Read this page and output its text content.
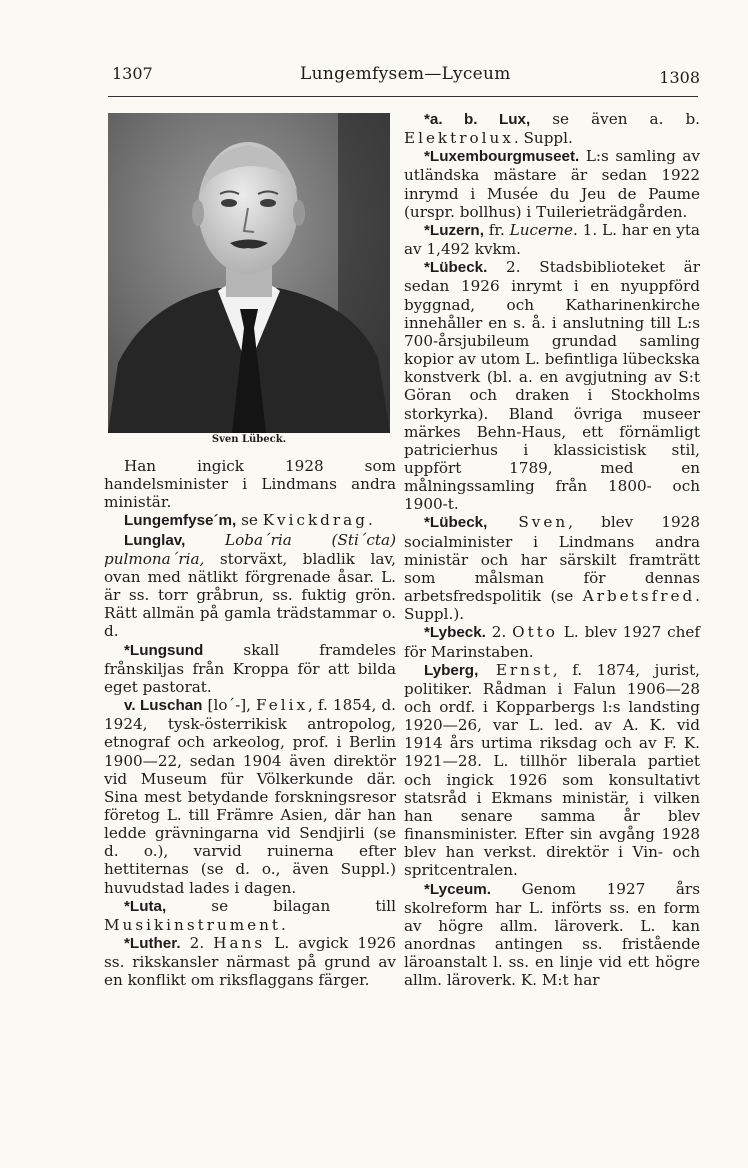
1307	Lungemfysem—Lyceum	1308
Sven Lübeck.

Han ingick 1928 som handelsminister i Lindmans andra ministär.

Lungemfyse´m, se Kvickdrag.

Lunglav, Loba´ria (Sti´cta) pulmona´ria, storväxt, bladlik lav, ovan med nätlikt förgrenade åsar. L. är ss. torr gråbrun, ss. fuktig grön. Rätt allmän på gamla trädstammar o. d.

*Lungsund skall framdeles frånskiljas från Kroppa för att bilda eget pastorat.

v. Luschan [lo´-], Felix, f. 1854, d. 1924, tysk-österrikisk antropolog, etnograf och arkeolog, prof. i Berlin 1900—22, sedan 1904 även direktör vid Museum für Völkerkunde där. Sina mest betydande forskningsresor företog L. till Främre Asien, där han ledde grävningarna vid Sendjirli (se d. o.), varvid ruinerna efter hettiternas (se d. o., även Suppl.) huvudstad lades i dagen.

*Luta, se bilagan till Musikinstrument.

*Luther. 2. Hans L. avgick 1926 ss. rikskansler närmast på grund av en konflikt om riksflaggans färger.

*a. b. Lux, se även a. b. Elektrolux. Suppl.

*Luxembourgmuseet. L:s samling av utländska mästare är sedan 1922 inrymd i Musée du Jeu de Paume (urspr. bollhus) i Tuilerieträdgården.

*Luzern, fr. Lucerne. 1. L. har en yta av 1,492 kvkm.

*Lübeck. 2. Stadsbiblioteket är sedan 1926 inrymt i en nyuppförd byggnad, och Katharinenkirche innehåller en s. å. i anslutning till L:s 700-årsjubileum grundad samling kopior av utom L. befintliga lübeckska konstverk (bl. a. en avgjutning av S:t Göran och draken i Stockholms storkyrka). Bland övriga museer märkes Behn-Haus, ett förnämligt patricierhus i klassicistisk stil, uppfört 1789, med en målningssamling från 1800- och 1900-t.

*Lübeck, Sven, blev 1928 socialminister i Lindmans andra ministär och har särskilt framträtt som målsman för dennas arbetsfredspolitik (se Arbetsfred. Suppl.).

*Lybeck. 2. Otto L. blev 1927 chef för Marinstaben.

Lyberg, Ernst, f. 1874, jurist, politiker. Rådman i Falun 1906—28 och ordf. i Kopparbergs l:s landsting 1920—26, var L. led. av A. K. vid 1914 års urtima riksdag och av F. K. 1921—28. L. tillhör liberala partiet och ingick 1926 som konsultativt statsråd i Ekmans ministär, i vilken han senare samma år blev finansminister. Efter sin avgång 1928 blev han verkst. direktör i Vin- och spritcentralen.

*Lyceum. Genom 1927 års skolreform har L. införts ss. en form av högre allm. läroverk. L. kan anordnas antingen ss. fristående läroanstalt l. ss. en linje vid ett högre allm. läroverk. K. M:t har
